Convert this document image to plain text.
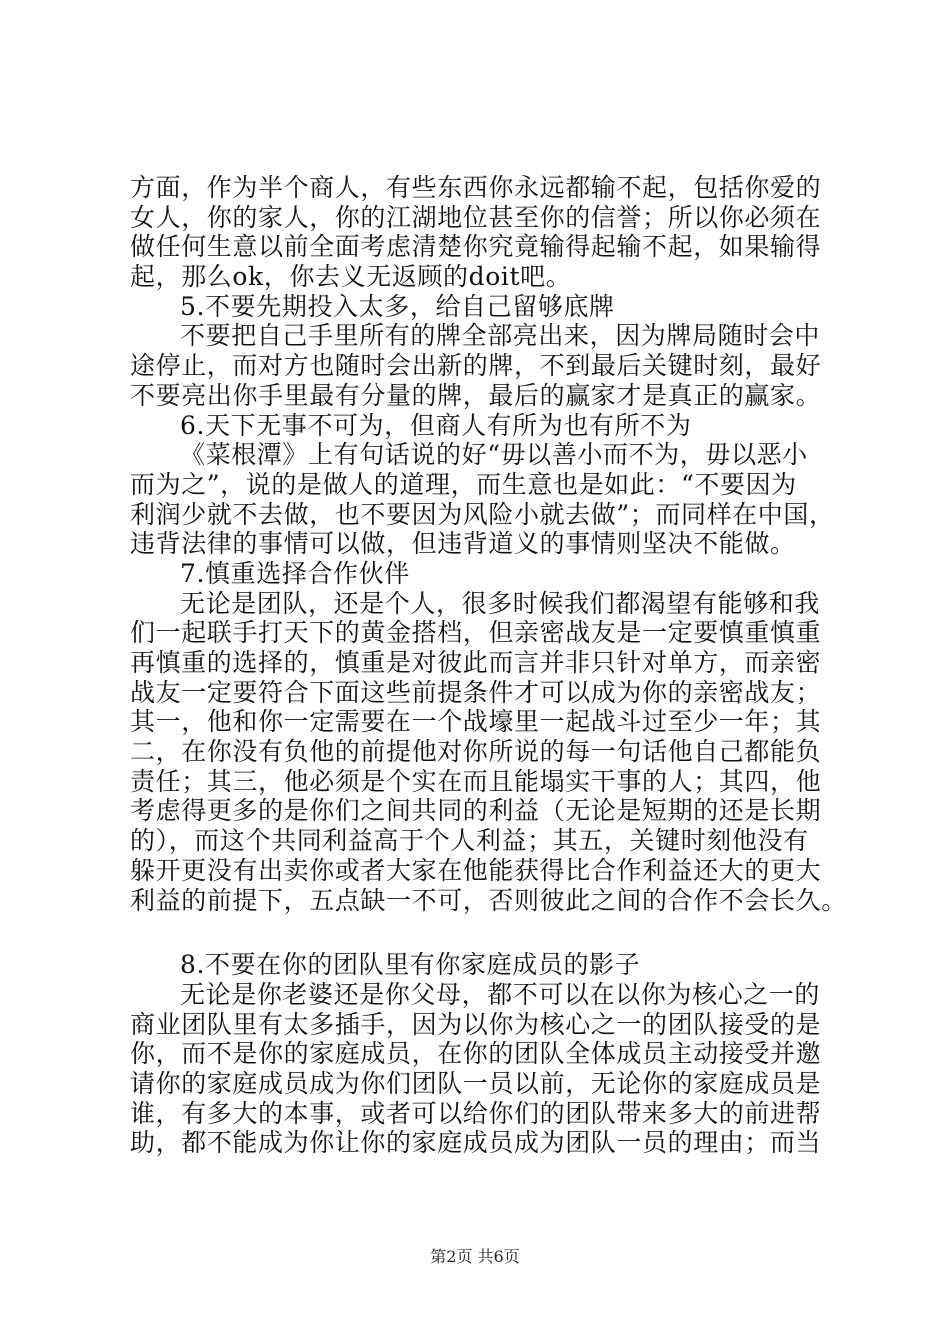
方面，作为半个商人，有些东西你永远都输不起，包括你爱的
女人，你的家人，你的江湖地位甚至你的信誉；所以你必须在
做任何生意以前全面考虑清楚你究竟输得起输不起，如果输得
起，那么ok，你去义无返顾的doit吧。
5.不要先期投入太多，给自己留够底牌
不要把自己手里所有的牌全部亮出来，因为牌局随时会中
途停止，而对方也随时会出新的牌，不到最后关键时刻，最好
不要亮出你手里最有分量的牌，最后的赢家才是真正的赢家。
6.天下无事不可为，但商人有所为也有所不为
《菜根潭》上有句话说的好“毋以善小而不为，毋以恶小
而为之”，说的是做人的道理，而生意也是如此：“不要因为
利润少就不去做，也不要因为风险小就去做”；而同样在中国，
违背法律的事情可以做，但违背道义的事情则坚决不能做。
7.慎重选择合作伙伴
无论是团队，还是个人，很多时候我们都渴望有能够和我
们一起联手打天下的黄金搭档，但亲密战友是一定要慎重慎重
再慎重的选择的，慎重是对彼此而言并非只针对单方，而亲密
战友一定要符合下面这些前提条件才可以成为你的亲密战友；
其一，他和你一定需要在一个战壕里一起战斗过至少一年；其
二，在你没有负他的前提他对你所说的每一句话他自己都能负
责任；其三，他必须是个实在而且能塌实干事的人；其四，他
考虑得更多的是你们之间共同的利益（无论是短期的还是长期
的），而这个共同利益高于个人利益；其五，关键时刻他没有
躲开更没有出卖你或者大家在他能获得比合作利益还大的更大
利益的前提下，五点缺一不可，否则彼此之间的合作不会长久。
8.不要在你的团队里有你家庭成员的影子
无论是你老婆还是你父母，都不可以在以你为核心之一的
商业团队里有太多插手，因为以你为核心之一的团队接受的是
你，而不是你的家庭成员，在你的团队全体成员主动接受并邀
请你的家庭成员成为你们团队一员以前，无论你的家庭成员是
谁，有多大的本事，或者可以给你们的团队带来多大的前进帮
助，都不能成为你让你的家庭成员成为团队一员的理由；而当
第2页 共6页
